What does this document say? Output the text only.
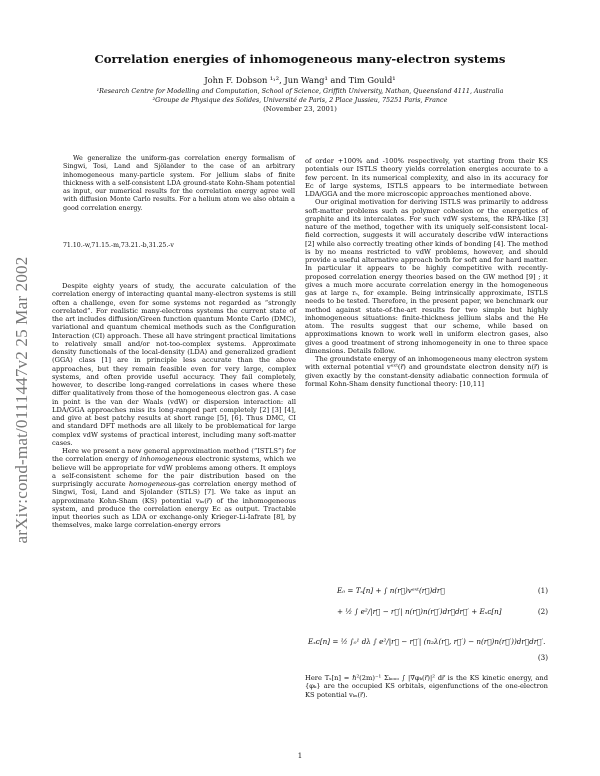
arXiv:cond-mat/0111447v2 25 Mar 2002
Correlation energies of inhomogeneous many-electron systems
John F. Dobson ¹˒², Jun Wang¹ and Tim Gould¹
¹Research Centre for Modelling and Computation, School of Science, Griffith University, Nathan, Queensland 4111, Australia
²Groupe de Physique des Solides, Université de Paris, 2 Place Jussieu, 75251 Paris, France
(November 23, 2001)

We generalize the uniform-gas correlation energy formalism of Singwi, Tosi, Land and Sjölander to the case of an arbitrary inhomogeneous many-particle system. For jellium slabs of finite thickness with a self-consistent LDA ground-state Kohn-Sham potential as input, our numerical results for the correlation energy agree well with diffusion Monte Carlo results. For a helium atom we also obtain a good correlation energy.

71.10.-w,71.15.-m,73.21.-b,31.25.-v

Despite eighty years of study, the accurate calculation of the correlation energy of interacting quantal many-electron systems is still often a challenge, even for some systems not regarded as “strongly correlated”. For realistic many-electrons systems the current state of the art includes diffusion/Green function quantum Monte Carlo (DMC), variational and quantum chemical methods such as the Configuration Interaction (CI) approach. These all have stringent practical limitations to relatively small and/or not-too-complex systems. Approximate density functionals of the local-density (LDA) and generalized gradient (GGA) class [1] are in principle less accurate than the above approaches, but they remain feasible even for very large, complex systems, and often provide useful accuracy. They fail completely, however, to describe long-ranged correlations in cases where these differ qualitatively from those of the homogeneous electron gas. A case in point is the van der Waals (vdW) or dispersion interaction: all LDA/GGA approaches miss its long-ranged part completely [2] [3] [4], and give at best patchy results at short range [5], [6]. Thus DMC, CI and standard DFT methods are all likely to be problematical for large complex vdW systems of practical interest, including many soft-matter cases.

Here we present a new general approximation method (“ISTLS”) for the correlation energy of inhomogeneous electronic systems, which we believe will be appropriate for vdW problems among others. It employs a self-consistent scheme for the pair distribution based on the surprisingly accurate homogeneous-gas correlation energy method of Singwi, Tosi, Land and Sjolander (STLS) [7]. We take as input an approximate Kohn-Sham (KS) potential vₖₛ(r⃗) of the inhomogeneous system, and produce the correlation energy Eᴄ as output. Tractable input theories such as LDA or exchange-only Krieger-Li-Iafrate [8], by themselves, make large correlation-energy errors

of order +100% and -100% respectively, yet starting from their KS potentials our ISTLS theory yields correlation energies accurate to a few percent. In its numerical complexity, and also in its accuracy for Eᴄ of large systems, ISTLS appears to be intermediate between LDA/GGA and the more microscopic approaches mentioned above.

Our original motivation for deriving ISTLS was primarily to address soft-matter problems such as polymer cohesion or the energetics of graphite and its intercalates. For such vdW systems, the RPA-like [3] nature of the method, together with its uniquely self-consistent local-field correction, suggests it will accurately describe vdW interactions [2] while also correctly treating other kinds of bonding [4]. The method is by no means restricted to vdW problems, however, and should provide a useful alternative approach both for soft and for hard matter. In particular it appears to be highly competitive with recently-proposed correlation energy theories based on the GW method [9] ; it gives a much more accurate correlation energy in the homogeneous gas at large rₛ, for example. Being intrinsically approximate, ISTLS needs to be tested. Therefore, in the present paper, we benchmark our method against state-of-the-art results for two simple but highly inhomogeneous situations: finite-thickness jellium slabs and the He atom. The results suggest that our scheme, while based on approximations known to work well in uniform electron gases, also gives a good treatment of strong inhomogeneity in one to three space dimensions. Details follow.

The groundstate energy of an inhomogeneous many electron system with external potential vᵉˣᵗ(r⃗) and groundstate electron density n(r⃗) is given exactly by the constant-density adiabatic connection formula of formal Kohn-Sham density functional theory: [10,11]

E₀ = Tₛ[n] + ∫ n(r⃗)vᵉˣᵗ(r⃗)dr⃗	(1)
+ ½ ∫ e²/|r⃗ − r⃗′| n(r⃗)n(r⃗′)dr⃗dr⃗′ + Eₓᴄ[n]	(2)
Eₓᴄ[n] = ½ ∫₀¹ dλ ∫ e²/|r⃗ − r⃗′| (n₂λ(r⃗, r⃗′) − n(r⃗)n(r⃗′))dr⃗dr⃗′.
(3)

Here Tₛ[n] = ℏ²(2m)⁻¹ Σₖₒₒₒ ∫ |∇φₖ(r⃗)|² dr⃗ is the KS kinetic energy, and {φₖ} are the occupied KS orbitals, eigenfunctions of the one-electron KS potential vₖₛ(r⃗).

1
